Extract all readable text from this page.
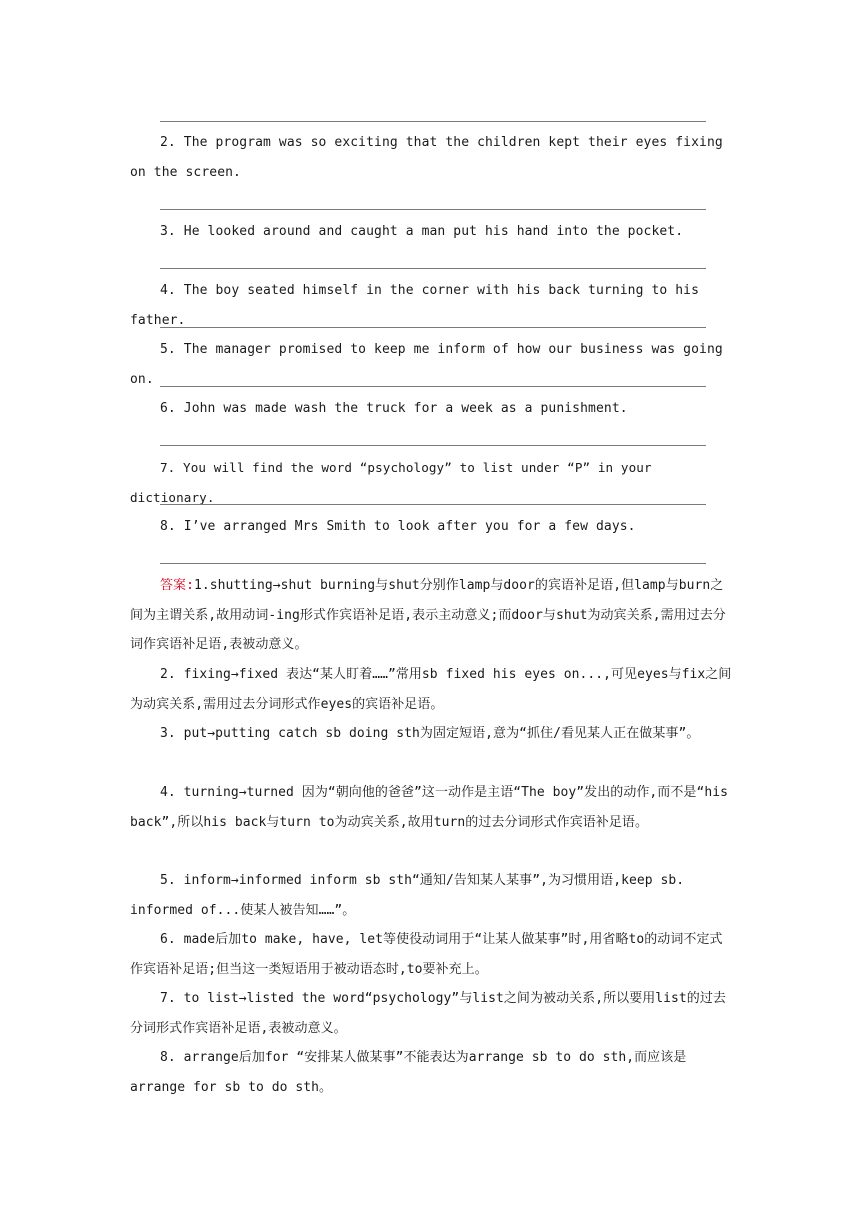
2. The program was so exciting that the children kept their eyes fixing on the screen.
3. He looked around and caught a man put his hand into the pocket.
4. The boy seated himself in the corner with his back turning to his father.
5. The manager promised to keep me inform of how our business was going on.
6. John was made wash the truck for a week as a punishment.
7. You will find the word “psychology” to list under “P” in your dictionary.
8. I’ve arranged Mrs Smith to look after you for a few days.
答案:1.shutting→shut burning与shut分别作lamp与door的宾语补足语,但lamp与burn之间为主谓关系,故用动词-ing形式作宾语补足语,表示主动意义;而door与shut为动宾关系,需用过去分词作宾语补足语,表被动意义。
2. fixing→fixed 表达“某人盯着……”常用sb fixed his eyes on...,可见eyes与fix之间为动宾关系,需用过去分词形式作eyes的宾语补足语。
3. put→putting catch sb doing sth为固定短语,意为“抓住/看见某人正在做某事”。
4. turning→turned 因为“朝向他的爸爸”这一动作是主语“The boy”发出的动作,而不是“his back”,所以his back与turn to为动宾关系,故用turn的过去分词形式作宾语补足语。
5. inform→informed inform sb sth“通知/告知某人某事”,为习惯用语,keep sb. informed of...使某人被告知……”。
6. made后加to make, have, let等使役动词用于“让某人做某事”时,用省略to的动词不定式作宾语补足语;但当这一类短语用于被动语态时,to要补充上。
7. to list→listed the word“psychology”与list之间为被动关系,所以要用list的过去分词形式作宾语补足语,表被动意义。
8. arrange后加for “安排某人做某事”不能表达为arrange sb to do sth,而应该是arrange for sb to do sth。
